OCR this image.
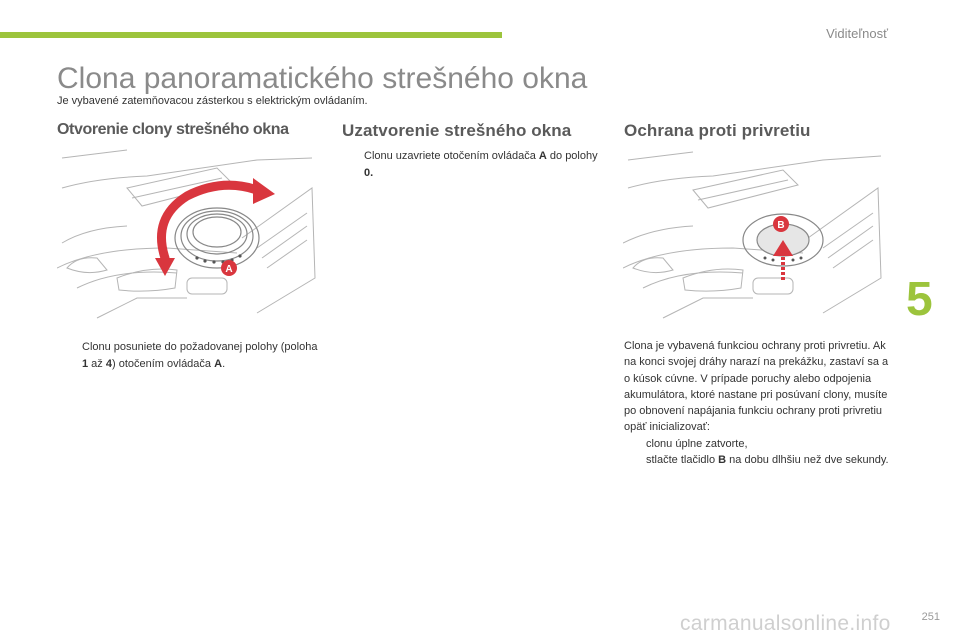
Viditeľnosť
Clona panoramatického strešného okna
Je vybavené zatemňovacou zásterkou s elektrickým ovládaním.
Otvorenie clony strešného okna
A
Clonu posuniete do požadovanej polohy (poloha 1 až 4) otočením ovládača A.
Uzatvorenie strešného okna
Clonu uzavriete otočením ovládača A do polohy 0.
Ochrana proti privretiu
B

Clona je vybavená funkciou ochrany proti privretiu. Ak na konci svojej dráhy narazí na prekážku, zastaví sa a o kúsok cúvne. V prípade poruchy alebo odpojenia akumulátora, ktoré nastane pri posúvaní clony, musíte po obnovení napájania funkciu ochrany proti privretiu opäť inicializovať:

clonu úplne zatvorte,
stlačte tlačidlo B na dobu dlhšiu než dve sekundy.
5
carmanualsonline.info	251
